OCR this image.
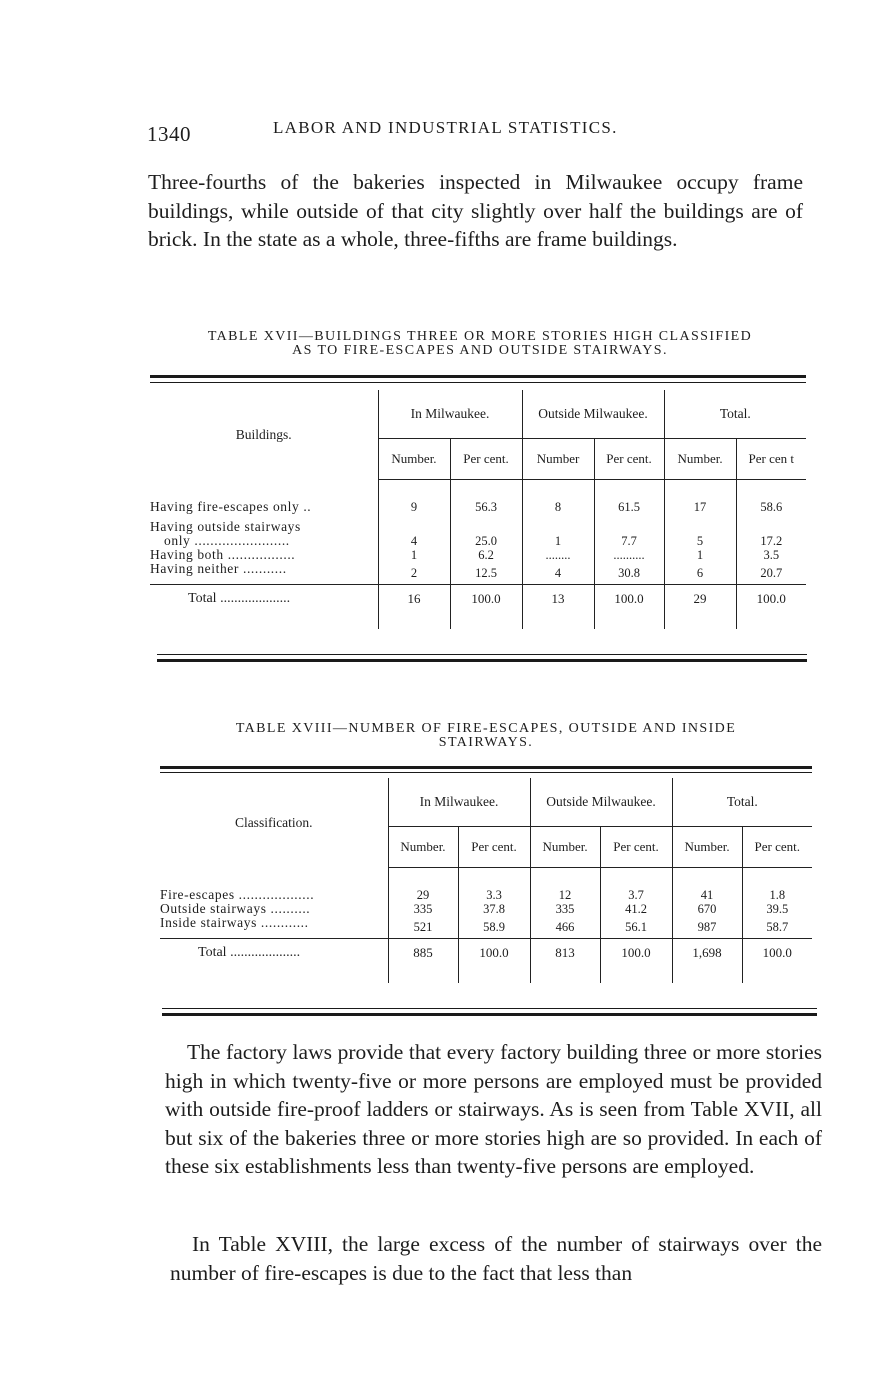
1340	LABOR AND INDUSTRIAL STATISTICS.

Three-fourths of the bakeries inspected in Milwaukee occupy frame buildings, while outside of that city slightly over half the buildings are of brick. In the state as a whole, three-fifths are frame buildings.

TABLE XVII—BUILDINGS THREE OR MORE STORIES HIGH CLASSIFIED
AS TO FIRE-ESCAPES AND OUTSIDE STAIRWAYS.
Buildings.	In Milwaukee.		Outside Milwaukee.		Total.	
	Number.	Per cent.	Number	Per cent.	Number.	Per cen t
Having fire-escapes only ..	9	56.3	8	61.5	17	58.6
Having outside stairways						
only ........................	4	25.0	1	7.7	5	17.2
Having both .................	1	6.2	........	..........	1	3.5
Having neither ...........	2	12.5	4	30.8	6	20.7
Total ....................	16	100.0	13	100.0	29	100.0
TABLE XVIII—NUMBER OF FIRE-ESCAPES, OUTSIDE AND INSIDE
STAIRWAYS.
Classification.	In Milwaukee.		Outside Milwaukee.		Total.	
	Number.	Per cent.	Number.	Per cent.	Number.	Per cent.
Fire-escapes ...................	29	3.3	12	3.7	41	1.8
Outside stairways ..........	335	37.8	335	41.2	670	39.5
Inside stairways ............	521	58.9	466	56.1	987	58.7
Total ....................	885	100.0	813	100.0	1,698	100.0

The factory laws provide that every factory building three or more stories high in which twenty-five or more persons are employed must be provided with outside fire-proof ladders or stairways. As is seen from Table XVII, all but six of the bakeries three or more stories high are so provided. In each of these six establishments less than twenty-five persons are employed.

In Table XVIII, the large excess of the number of stairways over the number of fire-escapes is due to the fact that less than
